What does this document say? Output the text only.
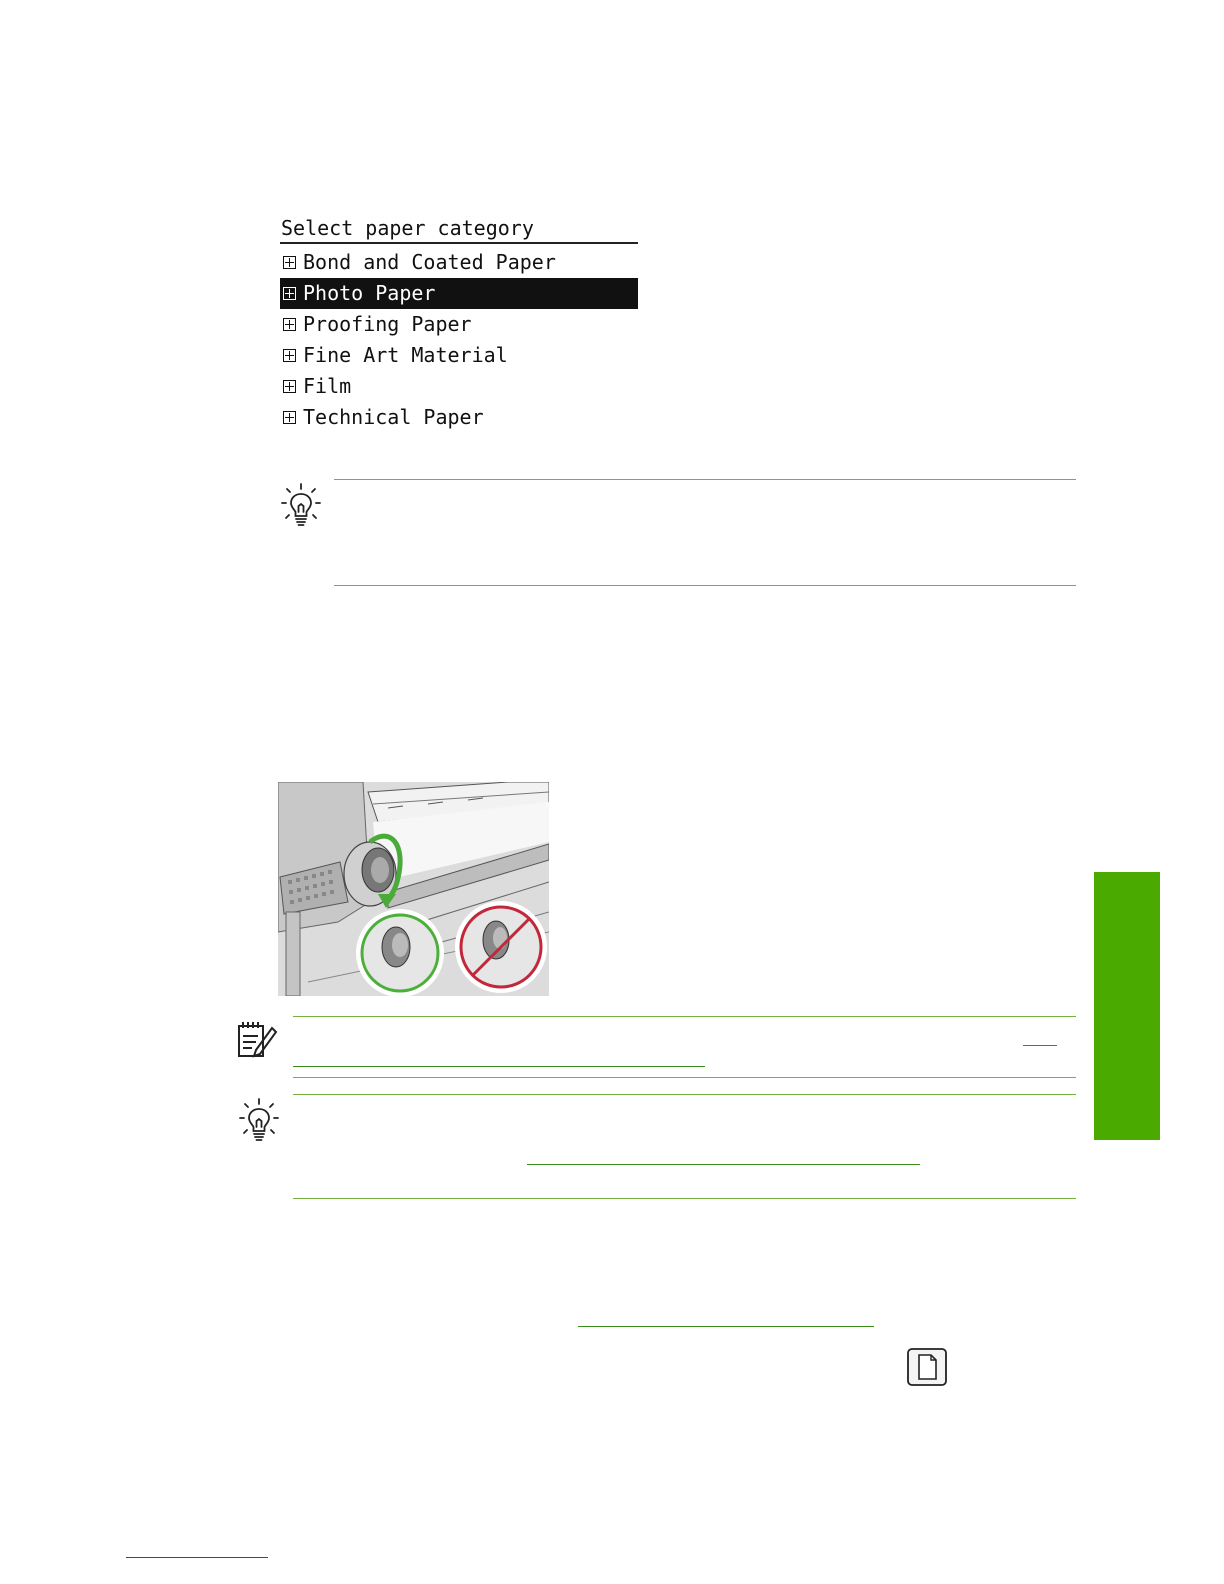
Select paper category
Bond and Coated Paper
Photo Paper
Proofing Paper
Fine Art Material
Film
Technical Paper
